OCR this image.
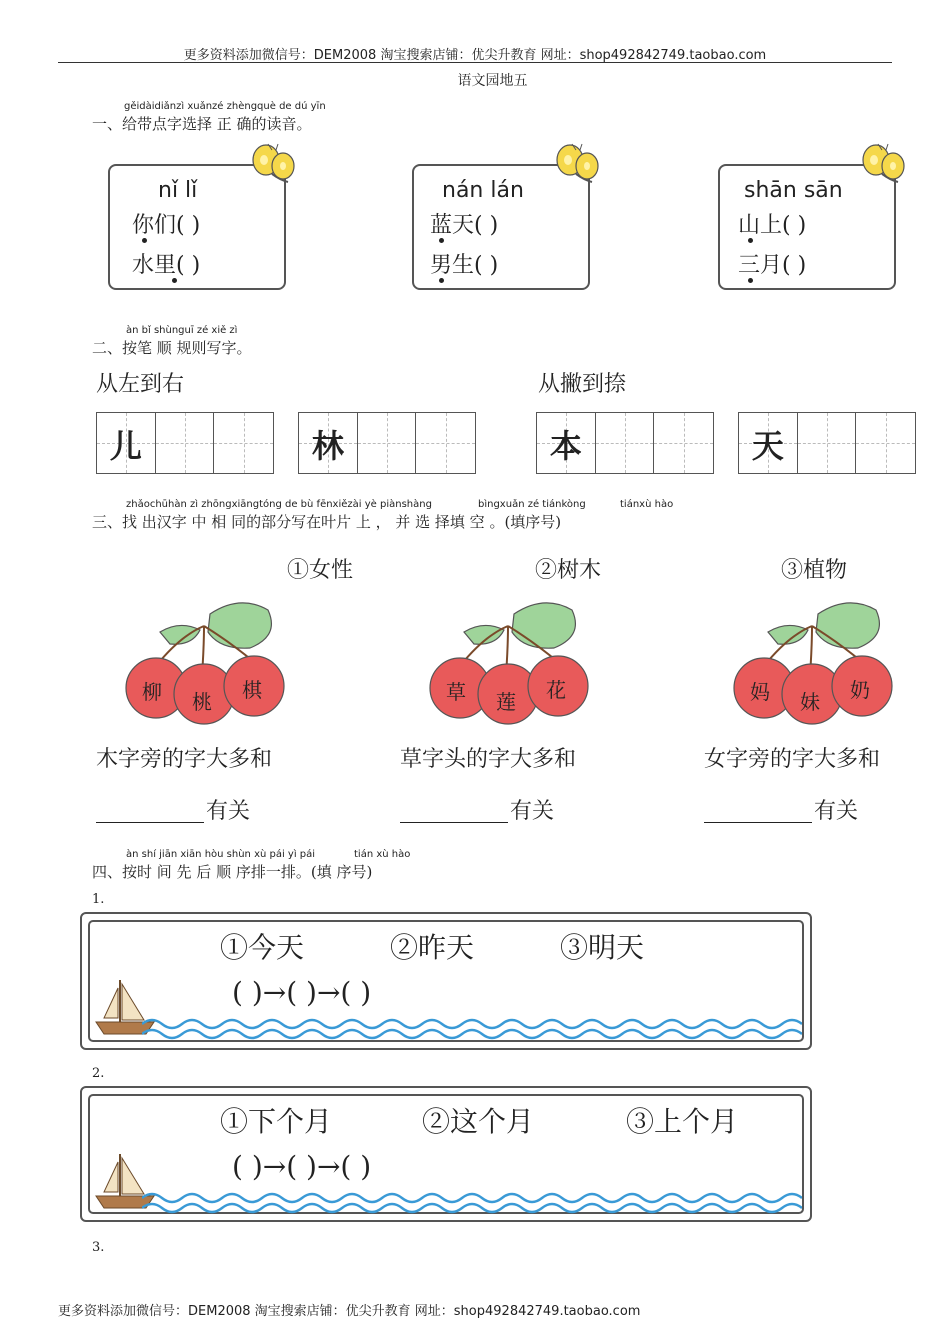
更多资料添加微信号：DEM2008 淘宝搜索店铺：优尖升教育 网址：shop492842749.taobao.com
语文园地五
gěidàidiǎnzì xuǎnzé zhèngquè de dú yīn
一、给带点字选择 正 确的读音。
nǐ lǐ
你们( )
水里( )
nán lán
蓝天( )
男生( )
shān sān
山上( )
三月( )
àn bǐ shùnguī zé xiě zì
二、按笔 顺 规则写字。
从左到右	从撇到捺
儿	林	本	天
zhǎochūhàn zì zhōngxiāngtóng de bù fēnxiězài yè piànshàng	bìngxuǎn zé tiánkòng	tiánxù hào
三、找 出汉字 中 相 同的部分写在叶片 上 ， 并 选 择填 空 。(填序号)
①女性	②树木	③植物
柳 桃 棋	草 莲 花	妈 妹 奶
木字旁的字大多和	草字头的字大多和	女字旁的字大多和
有关	有关	有关
àn shí jiān xiān hòu shùn xù pái yì pái	tián xù hào
四、按时 间 先 后 顺 序排一排。(填 序号)
1.
①今天	②昨天	③明天
( )→( )→( )
2.
①下个月	②这个月	③上个月
( )→( )→( )
3.
更多资料添加微信号：DEM2008 淘宝搜索店铺：优尖升教育 网址：shop492842749.taobao.com
